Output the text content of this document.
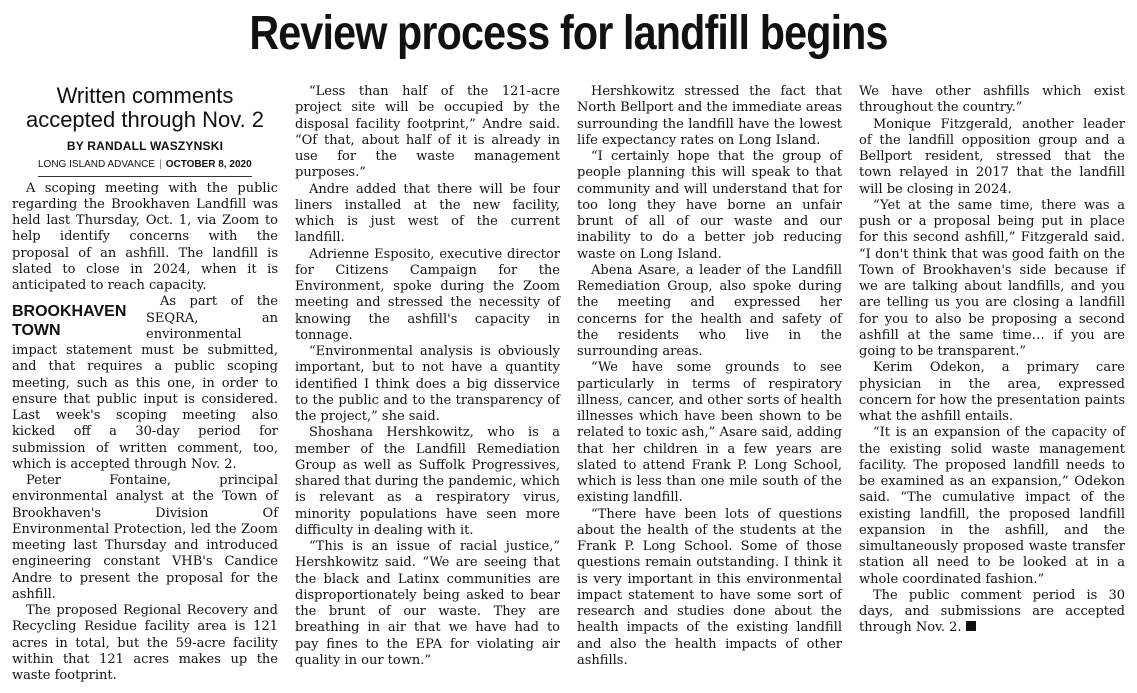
Review process for landfill begins
Written comments accepted through Nov. 2
BY RANDALL WASZYNSKI
LONG ISLAND ADVANCE | OCTOBER 8, 2020

A scoping meeting with the public regarding the Brookhaven Landfill was held last Thursday, Oct. 1, via Zoom to help identify concerns with the proposal of an ashfill. The landfill is slated to close in 2024, when it is anticipated to reach capacity.

BROOKHAVEN TOWN

As part of the SEQRA, an environmental impact statement must be submitted, and that requires a public scoping meeting, such as this one, in order to ensure that public input is considered. Last week's scoping meeting also kicked off a 30-day period for submission of written comment, too, which is accepted through Nov. 2.

Peter Fontaine, principal environmental analyst at the Town of Brookhaven's Division Of Environmental Protection, led the Zoom meeting last Thursday and introduced engineering constant VHB's Candice Andre to present the proposal for the ashfill.

The proposed Regional Recovery and Recycling Residue facility area is 121 acres in total, but the 59-acre facility within that 121 acres makes up the waste footprint.

“Less than half of the 121-acre project site will be occupied by the disposal facility footprint,” Andre said. “Of that, about half of it is already in use for the waste management purposes.”

Andre added that there will be four liners installed at the new facility, which is just west of the current landfill.

Adrienne Esposito, executive director for Citizens Campaign for the Environment, spoke during the Zoom meeting and stressed the necessity of knowing the ashfill's capacity in tonnage.

“Environmental analysis is obviously important, but to not have a quantity identified I think does a big disservice to the public and to the transparency of the project,” she said.

Shoshana Hershkowitz, who is a member of the Landfill Remediation Group as well as Suffolk Progressives, shared that during the pandemic, which is relevant as a respiratory virus, minority populations have seen more difficulty in dealing with it.

“This is an issue of racial justice,” Hershkowitz said. “We are seeing that the black and Latinx communities are disproportionately being asked to bear the brunt of our waste. They are breathing in air that we have had to pay fines to the EPA for violating air quality in our town.”

Hershkowitz stressed the fact that North Bellport and the immediate areas surrounding the landfill have the lowest life expectancy rates on Long Island.

“I certainly hope that the group of people planning this will speak to that community and will understand that for too long they have borne an unfair brunt of all of our waste and our inability to do a better job reducing waste on Long Island.

Abena Asare, a leader of the Landfill Remediation Group, also spoke during the meeting and expressed her concerns for the health and safety of the residents who live in the surrounding areas.

“We have some grounds to see particularly in terms of respiratory illness, cancer, and other sorts of health illnesses which have been shown to be related to toxic ash,” Asare said, adding that her children in a few years are slated to attend Frank P. Long School, which is less than one mile south of the existing landfill.

“There have been lots of questions about the health of the students at the Frank P. Long School. Some of those questions remain outstanding. I think it is very important in this environmental impact statement to have some sort of research and studies done about the health impacts of the existing landfill and also the health impacts of other ashfills.

We have other ashfills which exist throughout the country.”

Monique Fitzgerald, another leader of the landfill opposition group and a Bellport resident, stressed that the town relayed in 2017 that the landfill will be closing in 2024.

“Yet at the same time, there was a push or a proposal being put in place for this second ashfill,” Fitzgerald said. “I don't think that was good faith on the Town of Brookhaven's side because if we are talking about landfills, and you are telling us you are closing a landfill for you to also be proposing a second ashfill at the same time… if you are going to be transparent.”

Kerim Odekon, a primary care physician in the area, expressed concern for how the presentation paints what the ashfill entails.

“It is an expansion of the capacity of the existing solid waste management facility. The proposed landfill needs to be examined as an expansion,” Odekon said. “The cumulative impact of the existing landfill, the proposed landfill expansion in the ashfill, and the simultaneously proposed waste transfer station all need to be looked at in a whole coordinated fashion.”

The public comment period is 30 days, and submissions are accepted through Nov. 2.
